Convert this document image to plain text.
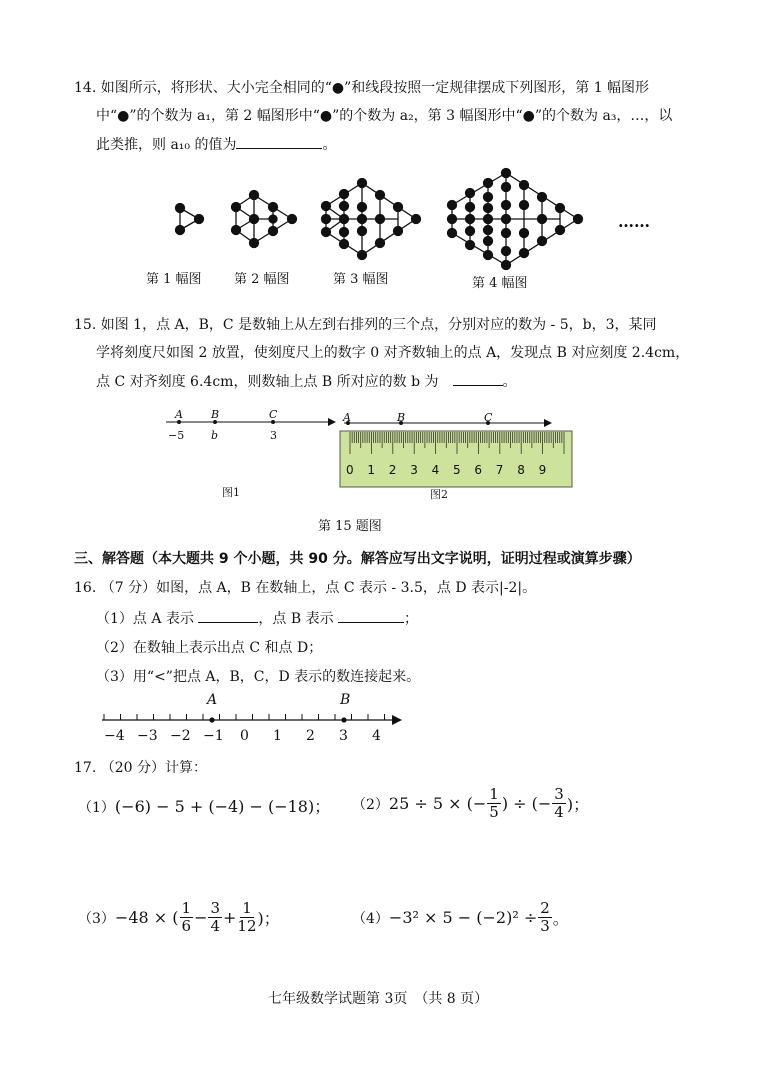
14. 如图所示，将形状、大小完全相同的“●”和线段按照一定规律摆成下列图形，第 1 幅图形
中“●”的个数为 a₁，第 2 幅图形中“●”的个数为 a₂，第 3 幅图形中“●”的个数为 a₃，…，以
此类推，则 a₁₀ 的值为	。
……
第 1 幅图 第 2 幅图	第 3 幅图	第 4 幅图
15. 如图 1，点 A，B，C 是数轴上从左到右排列的三个点，分别对应的数为 - 5，b，3，某同
学将刻度尺如图 2 放置，使刻度尺上的数字 0 对齐数轴上的点 A，发现点 B 对应刻度 2.4cm，
点 C 对齐刻度 6.4cm，则数轴上点 B 所对应的数 b 为　	。
A	B	C
−5 b	3
图1
A	B	C
0 1 2 3 4 5 6 7 8 9
图2
第 15 题图
三、解答题（本大题共 9 个小题，共 90 分。解答应写出文字说明，证明过程或演算步骤）
16. （7 分）如图，点 A，B 在数轴上，点 C 表示 - 3.5，点 D 表示|-2|。
（1）点 A 表示	，点 B 表示	；
（2）在数轴上表示出点 C 和点 D；
（3）用“<”把点 A，B，C，D 表示的数连接起来。
A	B
−4 −3 −2 −1 0 1 2 3 4
17. （20 分）计算：
（1）(−6) − 5 + (−4) − (−18)； （2） 25 ÷ 5 × (− $\frac{1}{5}$ ) ÷ (− $\frac{3}{4}$ )；
（3） −48 × ( $\frac{1}{6} - \frac{3}{4} + \frac{1}{12}$ )；	$(4) -3^2 \times 5 - (-2)^2 \div \frac{2}{3}$ 。
七年级数学试题第 3页　（共 8 页）
